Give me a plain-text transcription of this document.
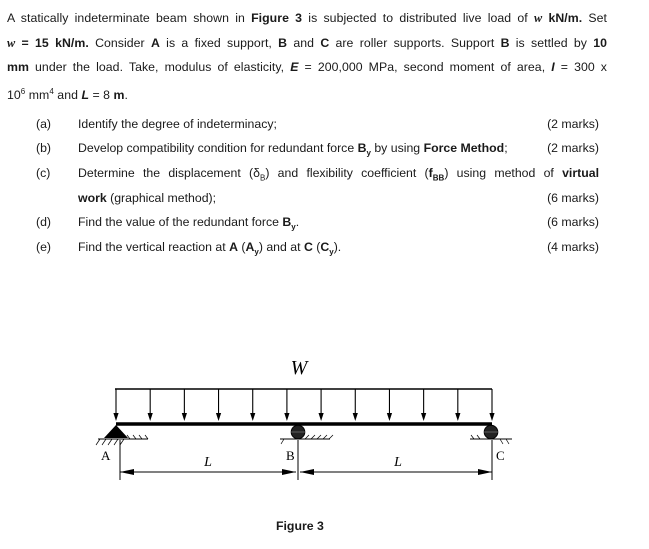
A statically indeterminate beam shown in Figure 3 is subjected to distributed live load of w kN/m. Set
w = 15 kN/m. Consider A is a fixed support, B and C are roller supports. Support B is settled by 10
mm under the load. Take, modulus of elasticity, E = 200,000 MPa, second moment of area, I = 300 x
$10^6$ $mm^4$ and L = 8 m.
(a)	Identify the degree of indeterminacy;	(2 marks)
(b)	Develop compatibility condition for redundant force $B_y$ by using Force Method;	(2 marks)
(c)	Determine the displacement $(\delta_B)$ and flexibility coefficient $(f_{BB})$ using method of virtual
work (graphical method);	(6 marks)
(d)	Find the value of the redundant force $B_y$.	(6 marks)
(e)	Find the vertical reaction at A $(A_y)$ and at C $(C_y)$.	(4 marks)
W
A	B	C
L	L
Figure 3
